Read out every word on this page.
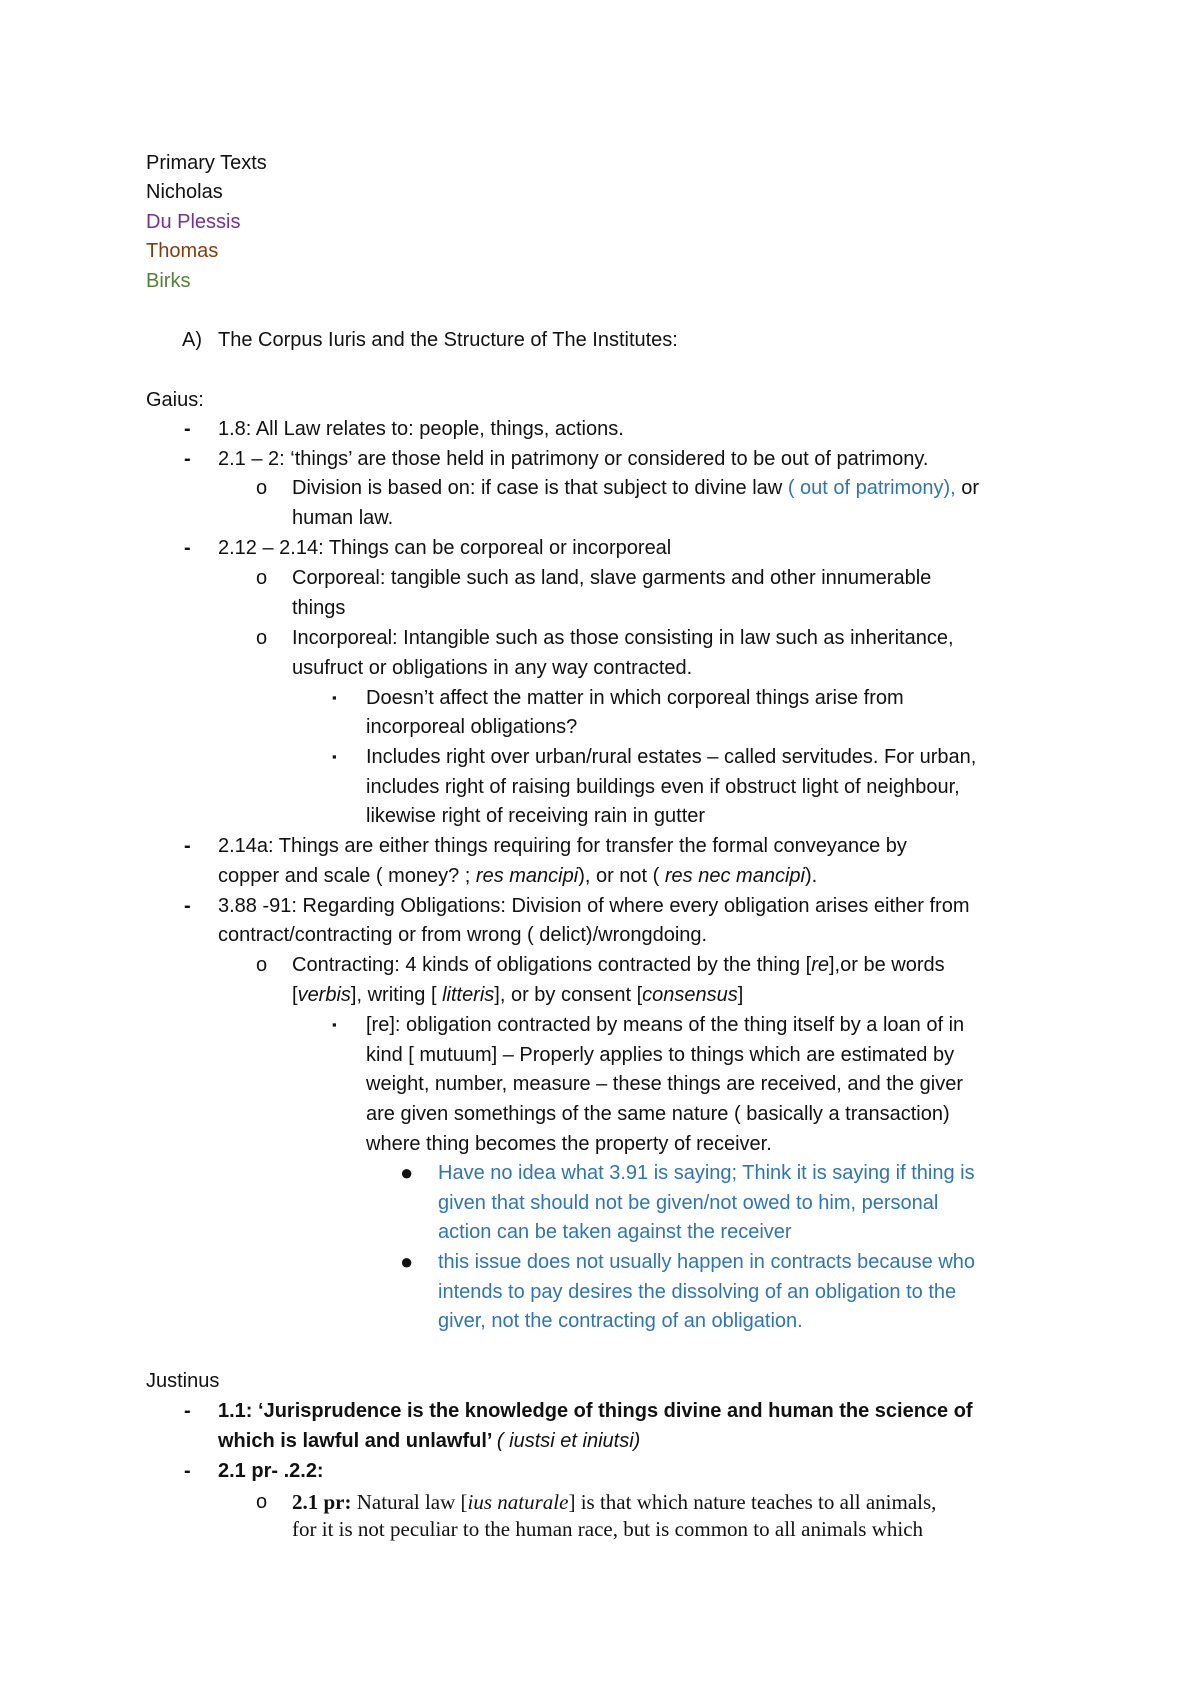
Primary Texts
Nicholas
Du Plessis
Thomas
Birks
A) The Corpus Iuris and the Structure of The Institutes:
Gaius:
- 1.8: All Law relates to: people, things, actions.
- 2.1 – 2: ‘things’ are those held in patrimony or considered to be out of patrimony.
o Division is based on: if case is that subject to divine law ( out of patrimony), or
human law.
- 2.12 – 2.14: Things can be corporeal or incorporeal
o Corporeal: tangible such as land, slave garments and other innumerable
things
o Incorporeal: Intangible such as those consisting in law such as inheritance,
usufruct or obligations in any way contracted.
▪ Doesn’t affect the matter in which corporeal things arise from
incorporeal obligations?
▪ Includes right over urban/rural estates – called servitudes. For urban,
includes right of raising buildings even if obstruct light of neighbour,
likewise right of receiving rain in gutter
- 2.14a: Things are either things requiring for transfer the formal conveyance by
copper and scale ( money? ; res mancipi), or not ( res nec mancipi).
- 3.88 -91: Regarding Obligations: Division of where every obligation arises either from
contract/contracting or from wrong ( delict)/wrongdoing.
o Contracting: 4 kinds of obligations contracted by the thing [re],or be words
[verbis], writing [ litteris], or by consent [consensus]
▪ [re]: obligation contracted by means of the thing itself by a loan of in
kind [ mutuum] – Properly applies to things which are estimated by
weight, number, measure – these things are received, and the giver
are given somethings of the same nature ( basically a transaction)
where thing becomes the property of receiver.
● Have no idea what 3.91 is saying; Think it is saying if thing is
given that should not be given/not owed to him, personal
action can be taken against the receiver
● this issue does not usually happen in contracts because who
intends to pay desires the dissolving of an obligation to the
giver, not the contracting of an obligation.
Justinus
- 1.1: ‘Jurisprudence is the knowledge of things divine and human the science of
which is lawful and unlawful’ ( iustsi et iniutsi)
- 2.1 pr- .2.2:
o 2.1 pr: Natural law [ius naturale] is that which nature teaches to all animals,
for it is not peculiar to the human race, but is common to all animals which
